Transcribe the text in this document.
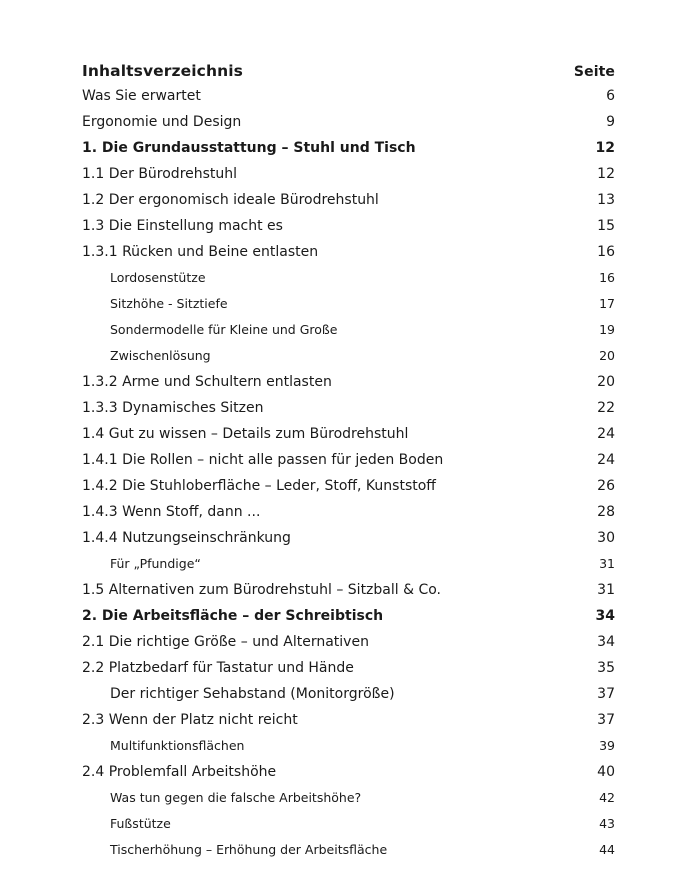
Inhaltsverzeichnis	Seite
Was Sie erwartet	6
Ergonomie und Design	9
1. Die Grundausstattung – Stuhl und Tisch	12
1.1 Der Bürodrehstuhl	12
1.2 Der ergonomisch ideale Bürodrehstuhl	13
1.3 Die Einstellung macht es	15
1.3.1 Rücken und Beine entlasten	16
Lordosenstütze	16
Sitzhöhe - Sitztiefe	17
Sondermodelle für Kleine und Große	19
Zwischenlösung	20
1.3.2 Arme und Schultern entlasten	20
1.3.3 Dynamisches Sitzen	22
1.4 Gut zu wissen – Details zum Bürodrehstuhl	24
1.4.1 Die Rollen – nicht alle passen für jeden Boden	24
1.4.2 Die Stuhloberfläche – Leder, Stoff, Kunststoff	26
1.4.3 Wenn Stoff, dann ...	28
1.4.4 Nutzungseinschränkung	30
Für „Pfundige“	31
1.5 Alternativen zum Bürodrehstuhl – Sitzball & Co.	31
2. Die Arbeitsfläche – der Schreibtisch	34
2.1 Die richtige Größe – und Alternativen	34
2.2 Platzbedarf für Tastatur und Hände	35
Der richtiger Sehabstand (Monitorgröße)	37
2.3 Wenn der Platz nicht reicht	37
Multifunktionsflächen	39
2.4 Problemfall Arbeitshöhe	40
Was tun gegen die falsche Arbeitshöhe?	42
Fußstütze	43
Tischerhöhung – Erhöhung der Arbeitsfläche	44
